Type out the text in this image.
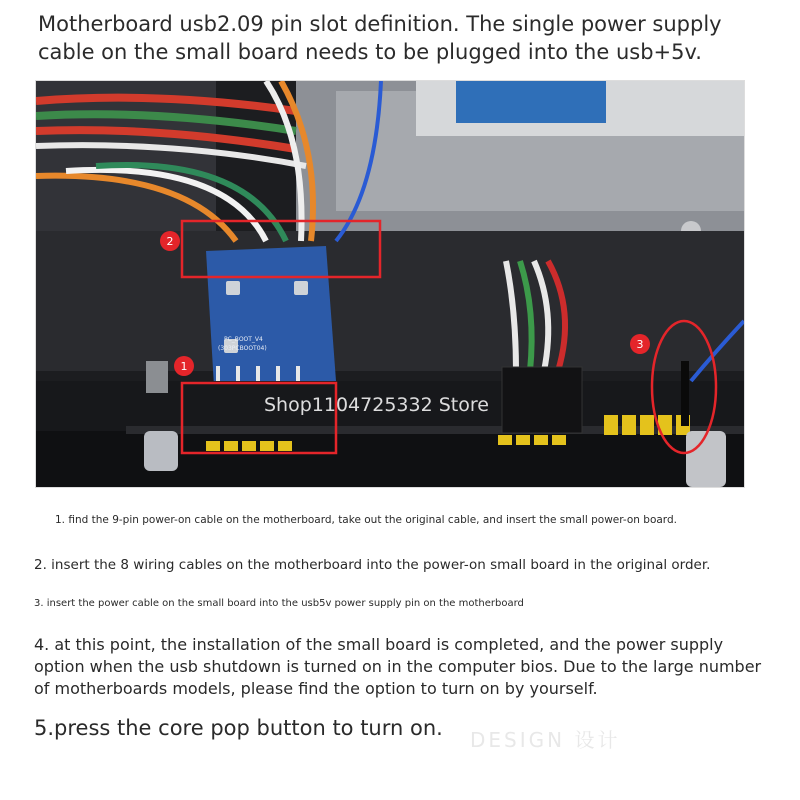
Motherboard usb2.09 pin slot definition. The single power supply cable on the small board needs to be plugged into the usb+5v.
PC_BOOT_V4
(303PCBOOT04)
2
1
3
Shop1104725332 Store

1. find the 9-pin power-on cable on the motherboard, take out the original cable, and insert the small power-on board.

2. insert the 8 wiring cables on the motherboard into the power-on small board in the original order.

3. insert the power cable on the small board into the usb5v power supply pin on the motherboard

4. at this point, the installation of the small board is completed, and the power supply option when the usb shutdown is turned on in the computer bios. Due to the large number of motherboards models, please find the option to turn on by yourself.

5.press the core pop button to turn on. DESIGN 设计
